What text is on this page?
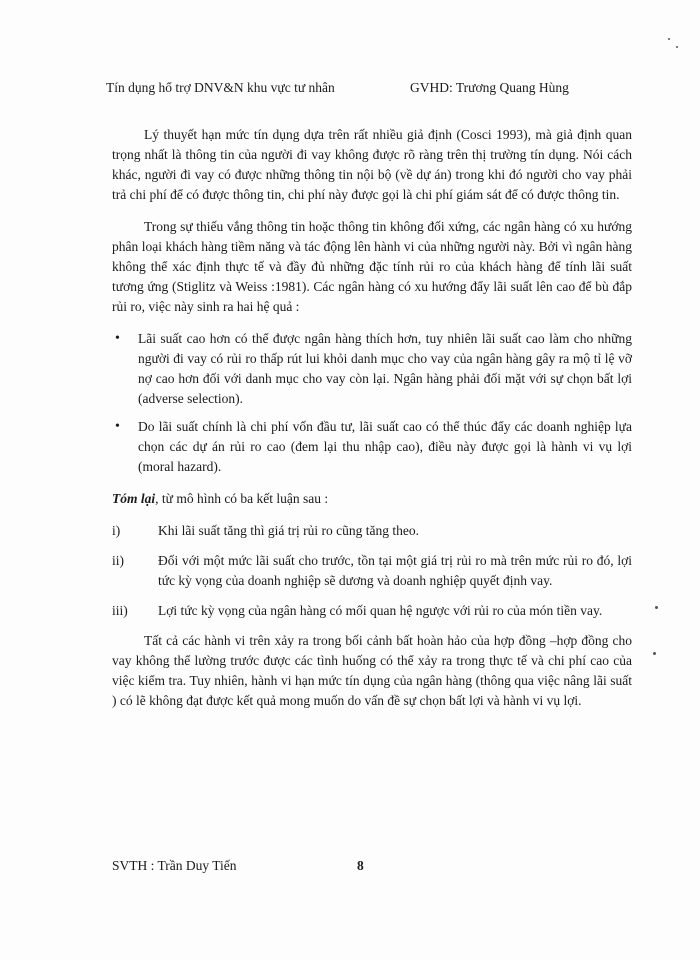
Tín dụng hổ trợ DNV&N khu vực tư nhân	GVHD: Trương Quang Hùng

Lý thuyết hạn mức tín dụng dựa trên rất nhiều giả định (Cosci 1993), mà giả định quan trọng nhất là thông tin của người đi vay không được rõ ràng trên thị trường tín dụng. Nói cách khác, người đi vay có được những thông tin nội bộ (về dự án) trong khi đó người cho vay phải trả chi phí để có được thông tin, chi phí này được gọi là chi phí giám sát để có được thông tin.

Trong sự thiếu vắng thông tin hoặc thông tin không đối xứng, các ngân hàng có xu hướng phân loại khách hàng tiềm năng và tác động lên hành vi của những người này. Bởi vì ngân hàng không thể xác định thực tế và đầy đủ những đặc tính rủi ro của khách hàng để tính lãi suất tương ứng (Stiglitz và Weiss :1981). Các ngân hàng có xu hướng đẩy lãi suất lên cao để bù đắp rủi ro, việc này sinh ra hai hệ quả :

• Lãi suất cao hơn có thể được ngân hàng thích hơn, tuy nhiên lãi suất cao làm cho những người đi vay có rủi ro thấp rút lui khỏi danh mục cho vay của ngân hàng gây ra mộ tỉ lệ vỡ nợ cao hơn đối với danh mục cho vay còn lại. Ngân hàng phải đối mặt với sự chọn bất lợi (adverse selection).
• Do lãi suất chính là chi phí vốn đầu tư, lãi suất cao có thể thúc đẩy các doanh nghiệp lựa chọn các dự án rủi ro cao (đem lại thu nhập cao), điều này được gọi là hành vi vụ lợi (moral hazard).

Tóm lại, từ mô hình có ba kết luận sau :

i)	Khi lãi suất tăng thì giá trị rủi ro cũng tăng theo.
ii)	Đối với một mức lãi suất cho trước, tồn tại một giá trị rủi ro mà trên mức rủi ro đó, lợi tức kỳ vọng của doanh nghiệp sẽ dương và doanh nghiệp quyết định vay.
iii) Lợi tức kỳ vọng của ngân hàng có mối quan hệ ngược với rủi ro của món tiền vay.

Tất cả các hành vi trên xảy ra trong bối cảnh bất hoàn hảo của hợp đồng –hợp đồng cho vay không thể lường trước được các tình huống có thể xảy ra trong thực tế và chi phí cao của việc kiểm tra. Tuy nhiên, hành vi hạn mức tín dụng của ngân hàng (thông qua việc nâng lãi suất ) có lẽ không đạt được kết quả mong muốn do vấn đề sự chọn bất lợi và hành vi vụ lợi.

SVTH : Trần Duy Tiến	8
